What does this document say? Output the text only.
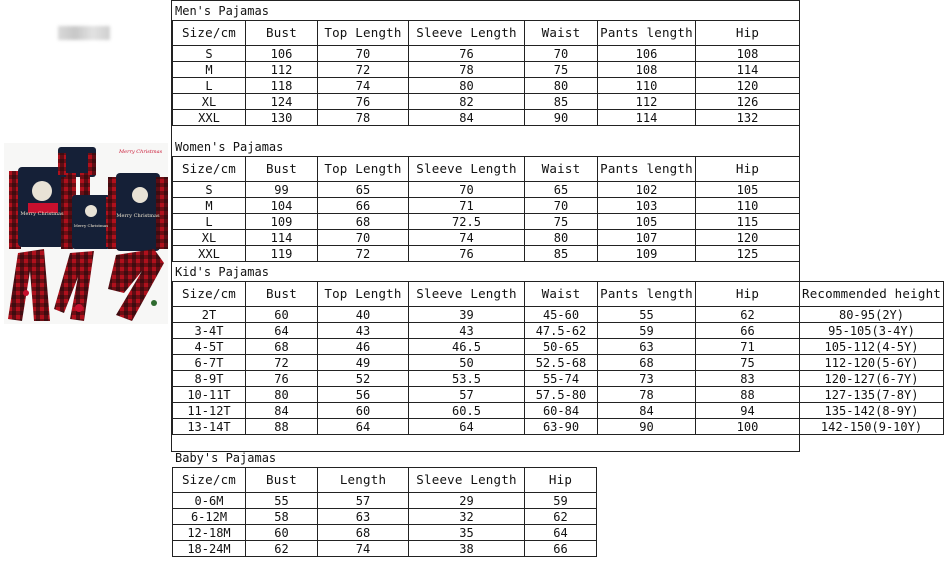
Merry Christmas
Merry Christmas
Merry Christmas
Merry Christmas
Men's Pajamas
Size/cm	Bust	Top Length	Sleeve Length	Waist	Pants length	Hip
S	106	70	76	70	106	108
M	112	72	78	75	108	114
L	118	74	80	80	110	120
XL	124	76	82	85	112	126
XXL	130	78	84	90	114	132
Women's Pajamas
Size/cm	Bust	Top Length	Sleeve Length	Waist	Pants length	Hip
S	99	65	70	65	102	105
M	104	66	71	70	103	110
L	109	68	72.5	75	105	115
XL	114	70	74	80	107	120
XXL	119	72	76	85	109	125
Kid's Pajamas
Size/cm	Bust	Top Length	Sleeve Length	Waist	Pants length	Hip	Recommended height
2T	60	40	39	45-60	55	62	80-95(2Y)
3-4T	64	43	43	47.5-62	59	66	95-105(3-4Y)
4-5T	68	46	46.5	50-65	63	71	105-112(4-5Y)
6-7T	72	49	50	52.5-68	68	75	112-120(5-6Y)
8-9T	76	52	53.5	55-74	73	83	120-127(6-7Y)
10-11T	80	56	57	57.5-80	78	88	127-135(7-8Y)
11-12T	84	60	60.5	60-84	84	94	135-142(8-9Y)
13-14T	88	64	64	63-90	90	100	142-150(9-10Y)
Baby's Pajamas
Size/cm	Bust	Length	Sleeve Length	Hip
0-6M	55	57	29	59
6-12M	58	63	32	62
12-18M	60	68	35	64
18-24M	62	74	38	66
